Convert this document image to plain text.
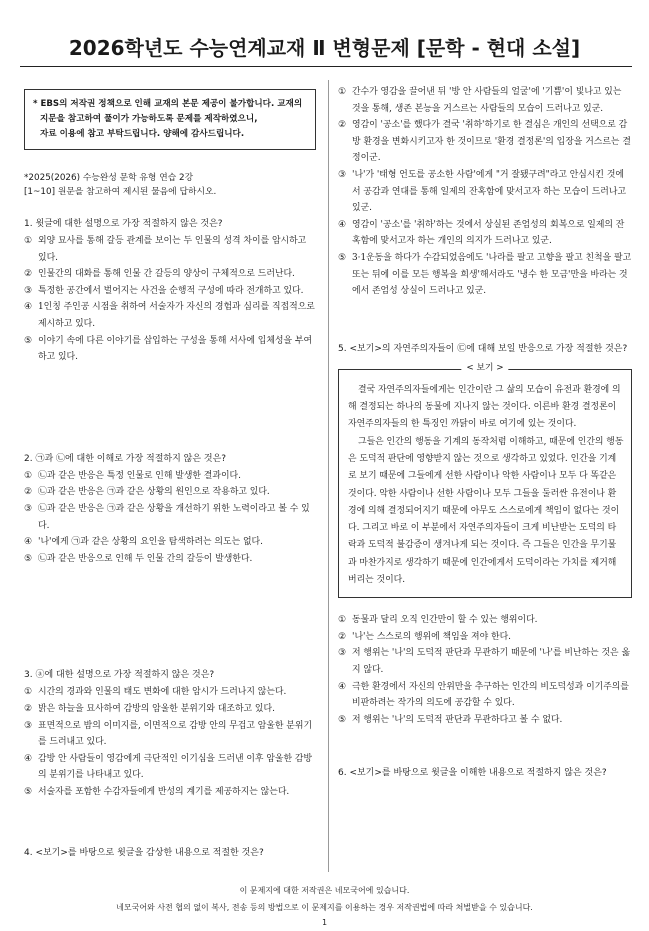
2026학년도 수능연계교재 Ⅱ 변형문제 [문학 - 현대 소설]
* EBS의 저작권 정책으로 인해 교재의 본문 제공이 불가합니다. 교재의
지문을 참고하여 풀이가 가능하도록 문제를 제작하였으니,
자료 이용에 참고 부탁드립니다. 양해에 감사드립니다.
*2025(2026) 수능완성 문학 유형 연습 2강
[1~10] 원문을 참고하여 제시된 물음에 답하시오.

1. 윗글에 대한 설명으로 가장 적절하지 않은 것은?

① 외양 묘사를 통해 갈등 관계를 보이는 두 인물의 성격 차이를 암시하고 있다.
② 인물간의 대화를 통해 인물 간 갈등의 양상이 구체적으로 드러난다.
③ 특정한 공간에서 벌어지는 사건을 순행적 구성에 따라 전개하고 있다.
④ 1인칭 주인공 시점을 취하여 서술자가 자신의 경험과 심리를 직접적으로 제시하고 있다.
⑤ 이야기 속에 다른 이야기를 삽입하는 구성을 통해 서사에 입체성을 부여하고 있다.

2. ㉠과 ㉡에 대한 이해로 가장 적절하지 않은 것은?

① ㉡과 같은 반응은 특정 인물로 인해 발생한 결과이다.
② ㉡과 같은 반응은 ㉠과 같은 상황의 원인으로 작용하고 있다.
③ ㉡과 같은 반응은 ㉠과 같은 상황을 개선하기 위한 노력이라고 볼 수 있다.
④ '나'에게 ㉠과 같은 상황의 요인을 탐색하려는 의도는 없다.
⑤ ㉡과 같은 반응으로 인해 두 인물 간의 갈등이 발생한다.

3. ⓐ에 대한 설명으로 가장 적절하지 않은 것은?

① 시간의 경과와 인물의 태도 변화에 대한 암시가 드러나지 않는다.
② 밝은 하늘을 묘사하여 감방의 암울한 분위기와 대조하고 있다.
③ 표면적으로 밤의 이미지를, 이면적으로 감방 안의 무겁고 암울한 분위기를 드러내고 있다.
④ 감방 안 사람들이 영감에게 극단적인 이기심을 드러낸 이후 암울한 감방의 분위기를 나타내고 있다.
⑤ 서술자를 포함한 수감자들에게 반성의 계기를 제공하지는 않는다.

4. <보기>를 바탕으로 윗글을 감상한 내용으로 적절한 것은?

① 간수가 영감을 끌어낸 뒤 '방 안 사람들의 얼굴'에 '기쁨'이 빛나고 있는 것을 통해, 생존 본능을 거스르는 사람들의 모습이 드러나고 있군.
② 영감이 '공소'를 했다가 결국 '취하'하기로 한 결심은 개인의 선택으로 감방 환경을 변화시키고자 한 것이므로 '환경 결정론'의 입장을 거스르는 결정이군.
③ '나'가 '태형 언도를 공소한 사람'에게 "거 잘됐구려"라고 안심시킨 것에서 공감과 연대를 통해 일제의 잔혹함에 맞서고자 하는 모습이 드러나고 있군.
④ 영감이 '공소'를 '취하'하는 것에서 상실된 존엄성의 회복으로 일제의 잔혹함에 맞서고자 하는 개인의 의지가 드러나고 있군.
⑤ 3·1운동을 하다가 수감되었음에도 '나라를 팔고 고향을 팔고 친척을 팔고 또는 뒤에 이를 모든 행복을 희생'해서라도 '냉수 한 모금'만을 바라는 것에서 존엄성 상실이 드러나고 있군.

5. <보기>의 자연주의자들이 ㉢에 대해 보일 반응으로 가장 적절한 것은?

< 보기 >

결국 자연주의자들에게는 인간이란 그 삶의 모습이 유전과 환경에 의해 결정되는 하나의 동물에 지나지 않는 것이다. 이른바 환경 결정론이 자연주의자들의 한 특징인 까닭이 바로 여기에 있는 것이다.

그들은 인간의 행동을 기계의 동작처럼 이해하고, 때문에 인간의 행동은 도덕적 판단에 영향받지 않는 것으로 생각하고 있었다. 인간을 기계로 보기 때문에 그들에게 선한 사람이나 악한 사람이나 모두 다 똑같은 것이다. 악한 사람이나 선한 사람이나 모두 그들을 둘러싼 유전이나 환경에 의해 결정되어지기 때문에 아무도 스스로에게 책임이 없다는 것이다. 그리고 바로 이 부분에서 자연주의자들이 크게 비난받는 도덕의 타락과 도덕적 불감증이 생겨나게 되는 것이다. 즉 그들은 인간을 무기물과 마찬가지로 생각하기 때문에 인간에게서 도덕이라는 가치를 제거해 버리는 것이다.

① 동물과 달리 오직 인간만이 할 수 있는 행위이다.
② '나'는 스스로의 행위에 책임을 져야 한다.
③ 저 행위는 '나'의 도덕적 판단과 무관하기 때문에 '나'를 비난하는 것은 옳지 않다.
④ 극한 환경에서 자신의 안위만을 추구하는 인간의 비도덕성과 이기주의를 비판하려는 작가의 의도에 공감할 수 있다.
⑤ 저 행위는 '나'의 도덕적 판단과 무관하다고 볼 수 없다.

6. <보기>를 바탕으로 윗글을 이해한 내용으로 적절하지 않은 것은?

이 문제지에 대한 저작권은 네모국어에 있습니다.
네모국어와 사전 협의 없이 복사, 전송 등의 방법으로 이 문제지를 이용하는 경우 저작권법에 따라 처벌받을 수 있습니다.
1
